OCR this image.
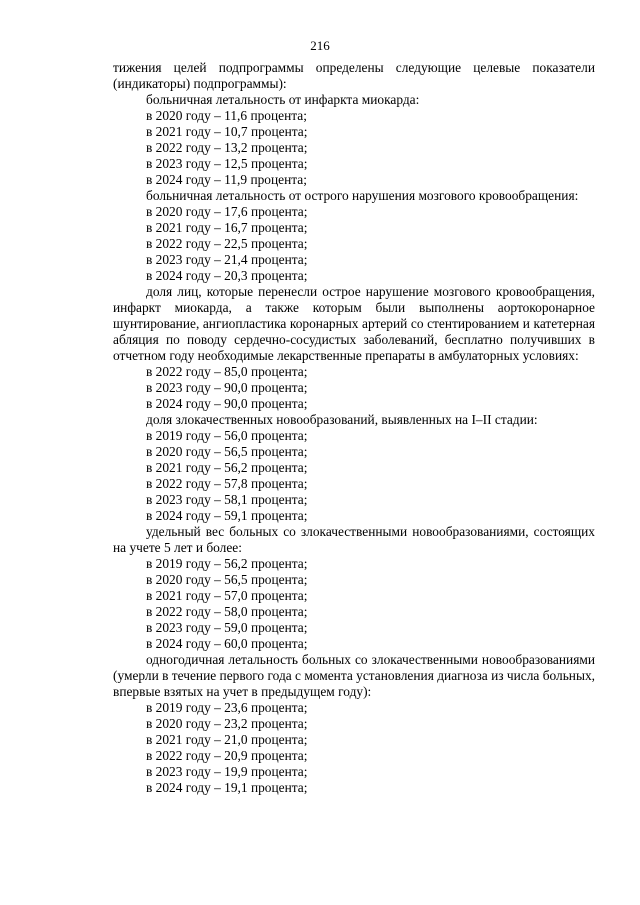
216

тижения целей подпрограммы определены следующие целевые показатели (индикаторы) подпрограммы):

больничная летальность от инфаркта миокарда:

в 2020 году – 11,6 процента;
в 2021 году – 10,7 процента;
в 2022 году – 13,2 процента;
в 2023 году – 12,5 процента;
в 2024 году – 11,9 процента;

больничная летальность от острого нарушения мозгового кровообращения:

в 2020 году – 17,6 процента;
в 2021 году – 16,7 процента;
в 2022 году – 22,5 процента;
в 2023 году – 21,4 процента;
в 2024 году – 20,3 процента;

доля лиц, которые перенесли острое нарушение мозгового кровообращения, инфаркт миокарда, а также которым были выполнены аортокоронарное шунтирование, ангиопластика коронарных артерий со стентированием и катетерная абляция по поводу сердечно-сосудистых заболеваний, бесплатно получивших в отчетном году необходимые лекарственные препараты в амбулаторных условиях:

в 2022 году – 85,0 процента;
в 2023 году – 90,0 процента;
в 2024 году – 90,0 процента;

доля злокачественных новообразований, выявленных на I–II стадии:

в 2019 году – 56,0 процента;
в 2020 году – 56,5 процента;
в 2021 году – 56,2 процента;
в 2022 году – 57,8 процента;
в 2023 году – 58,1 процента;
в 2024 году – 59,1 процента;

удельный вес больных со злокачественными новообразованиями, состоящих на учете 5 лет и более:

в 2019 году – 56,2 процента;
в 2020 году – 56,5 процента;
в 2021 году – 57,0 процента;
в 2022 году – 58,0 процента;
в 2023 году – 59,0 процента;
в 2024 году – 60,0 процента;

одногодичная летальность больных со злокачественными новообразованиями (умерли в течение первого года с момента установления диагноза из числа больных, впервые взятых на учет в предыдущем году):

в 2019 году – 23,6 процента;
в 2020 году – 23,2 процента;
в 2021 году – 21,0 процента;
в 2022 году – 20,9 процента;
в 2023 году – 19,9 процента;
в 2024 году – 19,1 процента;
